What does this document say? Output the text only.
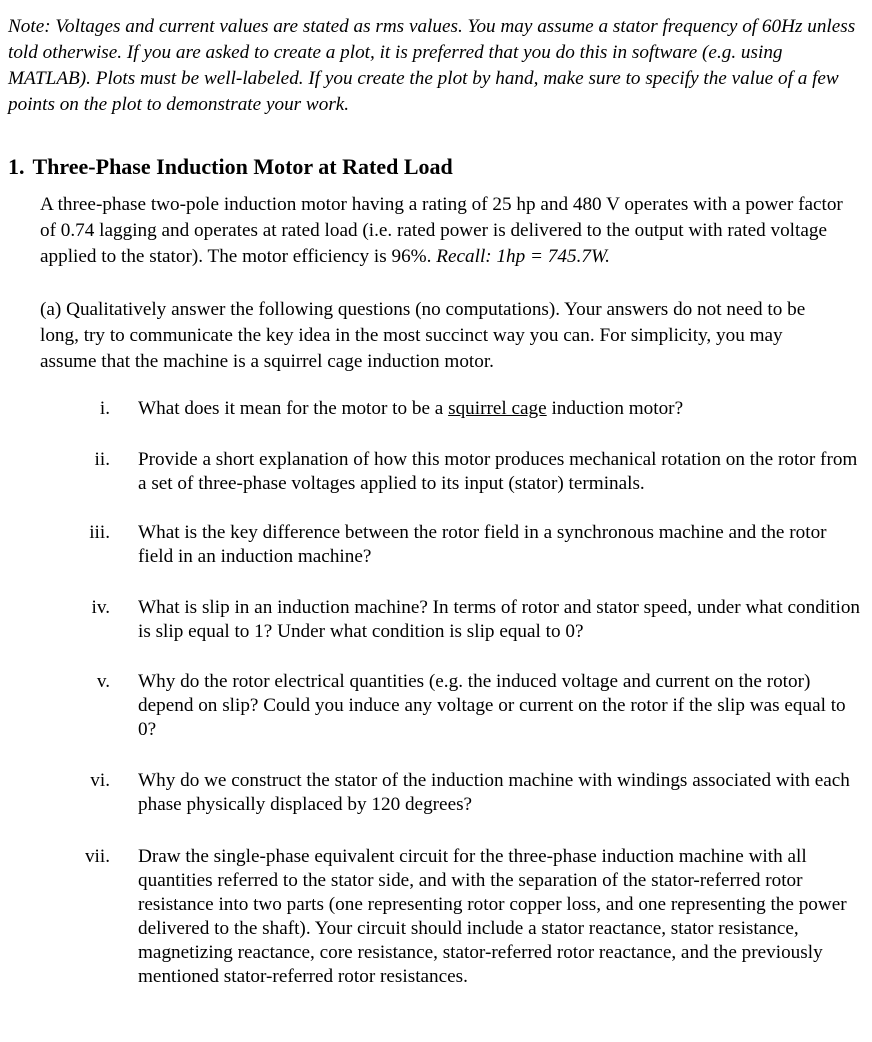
Note: Voltages and current values are stated as rms values. You may assume a stator frequency of 60Hz unless told otherwise. If you are asked to create a plot, it is preferred that you do this in software (e.g. using MATLAB). Plots must be well-labeled. If you create the plot by hand, make sure to specify the value of a few points on the plot to demonstrate your work.

1. Three-Phase Induction Motor at Rated Load

A three-phase two-pole induction motor having a rating of 25 hp and 480 V operates with a power factor of 0.74 lagging and operates at rated load (i.e. rated power is delivered to the output with rated voltage applied to the stator). The motor efficiency is 96%. Recall: 1hp = 745.7W.

(a) Qualitatively answer the following questions (no computations). Your answers do not need to be long, try to communicate the key idea in the most succinct way you can. For simplicity, you may assume that the machine is a squirrel cage induction motor.

i. What does it mean for the motor to be a squirrel cage induction motor?
ii. Provide a short explanation of how this motor produces mechanical rotation on the rotor from a set of three-phase voltages applied to its input (stator) terminals.
iii. What is the key difference between the rotor field in a synchronous machine and the rotor field in an induction machine?
iv. What is slip in an induction machine? In terms of rotor and stator speed, under what condition is slip equal to 1? Under what condition is slip equal to 0?
v. Why do the rotor electrical quantities (e.g. the induced voltage and current on the rotor) depend on slip? Could you induce any voltage or current on the rotor if the slip was equal to 0?
vi. Why do we construct the stator of the induction machine with windings associated with each phase physically displaced by 120 degrees?
vii. Draw the single-phase equivalent circuit for the three-phase induction machine with all quantities referred to the stator side, and with the separation of the stator-referred rotor resistance into two parts (one representing rotor copper loss, and one representing the power delivered to the shaft). Your circuit should include a stator reactance, stator resistance, magnetizing reactance, core resistance, stator-referred rotor reactance, and the previously mentioned stator-referred rotor resistances.
